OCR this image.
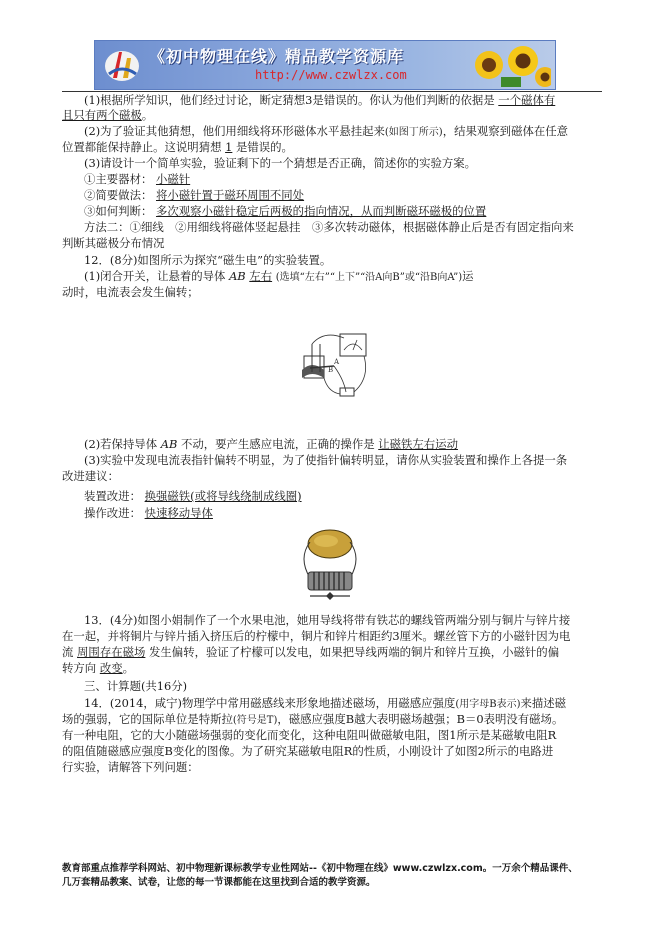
《初中物理在线》精品教学资源库
http://www.czwlzx.com
(1)根据所学知识，他们经过讨论，断定猜想3是错误的。你认为他们判断的依据是 一个磁体有
且只有两个磁极。
(2)为了验证其他猜想，他们用细线将环形磁体水平悬挂起来(如图丁所示)，结果观察到磁体在任意
位置都能保持静止。这说明猜想 1 是错误的。
(3)请设计一个简单实验，验证剩下的一个猜想是否正确，简述你的实验方案。
①主要器材： 小磁针
②简要做法： 将小磁针置于磁环周围不同处
③如何判断： 多次观察小磁针稳定后两极的指向情况，从而判断磁环磁极的位置
方法二：①细线　②用细线将磁体竖起悬挂　③多次转动磁体，根据磁体静止后是否有固定指向来
判断其磁极分布情况
12．(8分)如图所示为探究“磁生电”的实验装置。
(1)闭合开关，让悬着的导体 AB 左右 (选填“左右”“上下”“沿A向B”或“沿B向A”)运
动时，电流表会发生偏转；
A
B
(2)若保持导体 AB 不动，要产生感应电流，正确的操作是 让磁铁左右运动
(3)实验中发现电流表指针偏转不明显，为了使指针偏转明显，请你从实验装置和操作上各提一条
改进建议：
装置改进： 换强磁铁(或将导线绕制成线圈)
操作改进： 快速移动导体
13．(4分)如图小娟制作了一个水果电池，她用导线将带有铁芯的螺线管两端分别与铜片与锌片接
在一起，并将铜片与锌片插入挤压后的柠檬中，铜片和锌片相距约3厘米。螺丝管下方的小磁针因为电
流 周围存在磁场 发生偏转，验证了柠檬可以发电，如果把导线两端的铜片和锌片互换，小磁针的偏
转方向 改变。
三、计算题(共16分)
14．(2014，咸宁)物理学中常用磁感线来形象地描述磁场，用磁感应强度(用字母B表示)来描述磁
场的强弱，它的国际单位是特斯拉(符号是T)，磁感应强度B越大表明磁场越强；B＝0表明没有磁场。
有一种电阻，它的大小随磁场强弱的变化而变化，这种电阻叫做磁敏电阻，图1所示是某磁敏电阻R
的阻值随磁感应强度B变化的图像。为了研究某磁敏电阻R的性质，小刚设计了如图2所示的电路进
行实验，请解答下列问题：
教育部重点推荐学科网站、初中物理新课标教学专业性网站--《初中物理在线》www.czwlzx.com。一万余个精品课件、
几万套精品教案、试卷，让您的每一节课都能在这里找到合适的教学资源。
